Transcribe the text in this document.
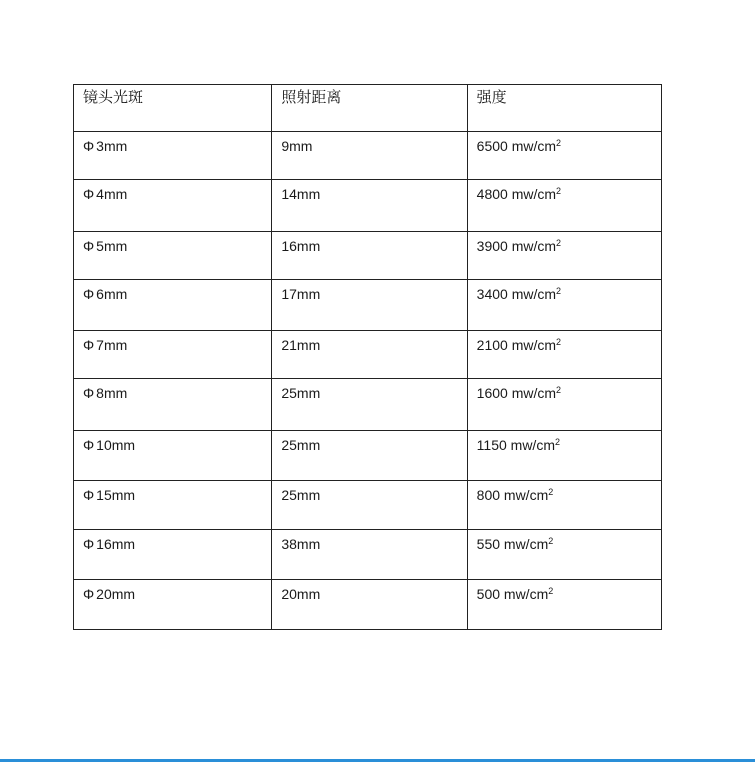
镜头光斑	照射距离	强度
Φ 3mm	9mm	6500 $mw/cm^2$
Φ 4mm	14mm	4800 $mw/cm^2$
Φ 5mm	16mm	3900 $mw/cm^2$
Φ 6mm	17mm	3400 $mw/cm^2$
Φ 7mm	21mm	2100 $mw/cm^2$
Φ 8mm	25mm	1600 $mw/cm^2$
Φ 10mm	25mm	1150 $mw/cm^2$
Φ 15mm	25mm	800 $mw/cm^2$
Φ 16mm	38mm	550 $mw/cm^2$
Φ 20mm	20mm	500 $mw/cm^2$
